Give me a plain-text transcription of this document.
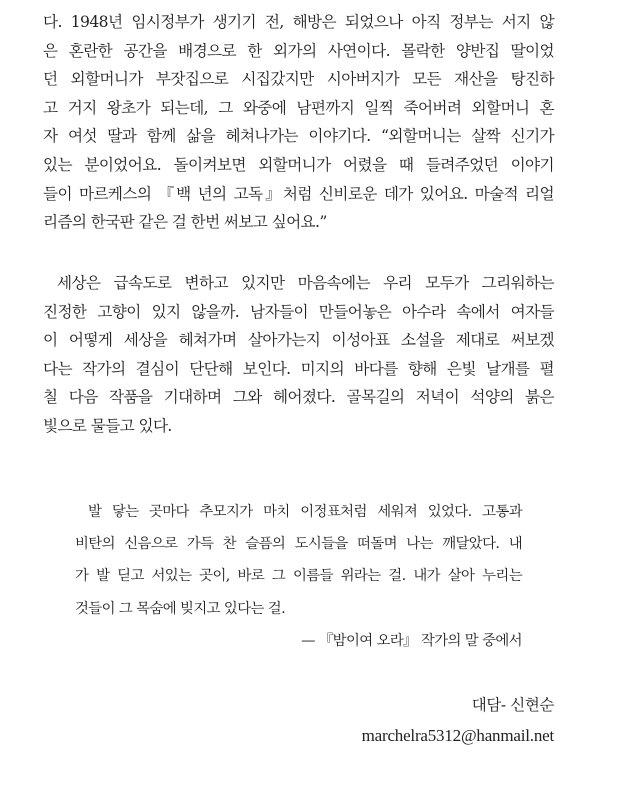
다. 1948년 임시정부가 생기기 전, 해방은 되었으나 아직 정부는 서지 않
은 혼란한 공간을 배경으로 한 외가의 사연이다. 몰락한 양반집 딸이었
던 외할머니가 부잣집으로 시집갔지만 시아버지가 모든 재산을 탕진하
고 거지 왕초가 되는데, 그 와중에 남편까지 일찍 죽어버려 외할머니 혼
자 여섯 딸과 함께 삶을 헤쳐나가는 이야기다. “외할머니는 살짝 신기가
있는 분이었어요. 돌이켜보면 외할머니가 어렸을 때 들려주었던 이야기
들이 마르케스의 『백 년의 고독』처럼 신비로운 데가 있어요. 마술적 리얼
리즘의 한국판 같은 걸 한번 써보고 싶어요.”
세상은 급속도로 변하고 있지만 마음속에는 우리 모두가 그리워하는
진정한 고향이 있지 않을까. 남자들이 만들어놓은 아수라 속에서 여자들
이 어떻게 세상을 헤쳐가며 살아가는지 이성아표 소설을 제대로 써보겠
다는 작가의 결심이 단단해 보인다. 미지의 바다를 향해 은빛 날개를 펼
칠 다음 작품을 기대하며 그와 헤어졌다. 골목길의 저녁이 석양의 붉은
빛으로 물들고 있다.
발 닿는 곳마다 추모지가 마치 이정표처럼 세워져 있었다. 고통과
비탄의 신음으로 가득 찬 슬픔의 도시들을 떠돌며 나는 깨달았다. 내
가 발 딛고 서있는 곳이, 바로 그 이름들 위라는 걸. 내가 살아 누리는
것들이 그 목숨에 빚지고 있다는 걸.
— 『밤이여 오라』 작가의 말 중에서
대담- 신현순
marchelra5312@hanmail.net
